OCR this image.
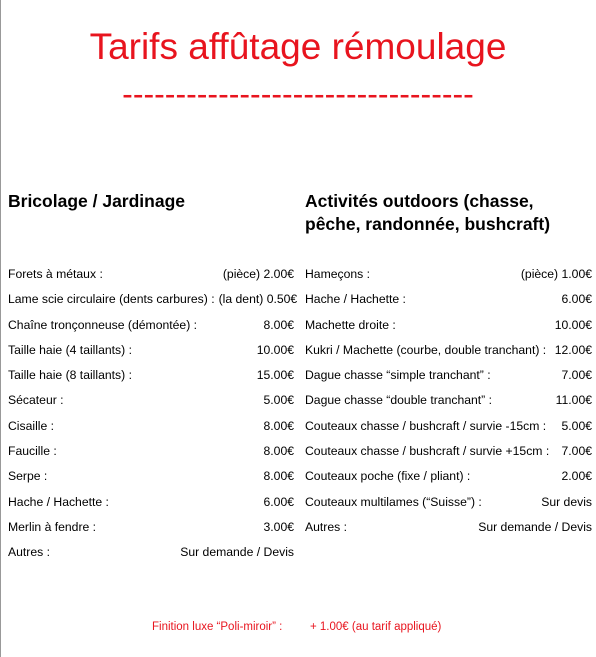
Tarifs affûtage rémoulage
---------------------------------

Bricolage / Jardinage	Activités outdoors (chasse,

pêche, randonnée, bushcraft)

Forets à métaux :	(pièce) 2.00€
Lame scie circulaire (dents carbures) : (la dent) 0.50€
Chaîne tronçonneuse (démontée) :	8.00€
Taille haie (4 taillants) :	10.00€
Taille haie (8 taillants) :	15.00€
Sécateur :	5.00€
Cisaille :	8.00€
Faucille :	8.00€
Serpe :	8.00€
Hache / Hachette :	6.00€
Merlin à fendre :	3.00€
Autres :	Sur demande / Devis
Hameçons :	(pièce) 1.00€
Hache / Hachette :	6.00€
Machette droite :	10.00€
Kukri / Machette (courbe, double tranchant) : 12.00€
Dague chasse “simple tranchant” :	7.00€
Dague chasse “double tranchant” :	11.00€
Couteaux chasse / bushcraft / survie -15cm :	5.00€
Couteaux chasse / bushcraft / survie +15cm :	7.00€
Couteaux poche (fixe / pliant) :	2.00€
Couteaux multilames (“Suisse”) :	Sur devis
Autres :	Sur demande / Devis
Finition luxe “Poli-miroir” : + 1.00€ (au tarif appliqué)
